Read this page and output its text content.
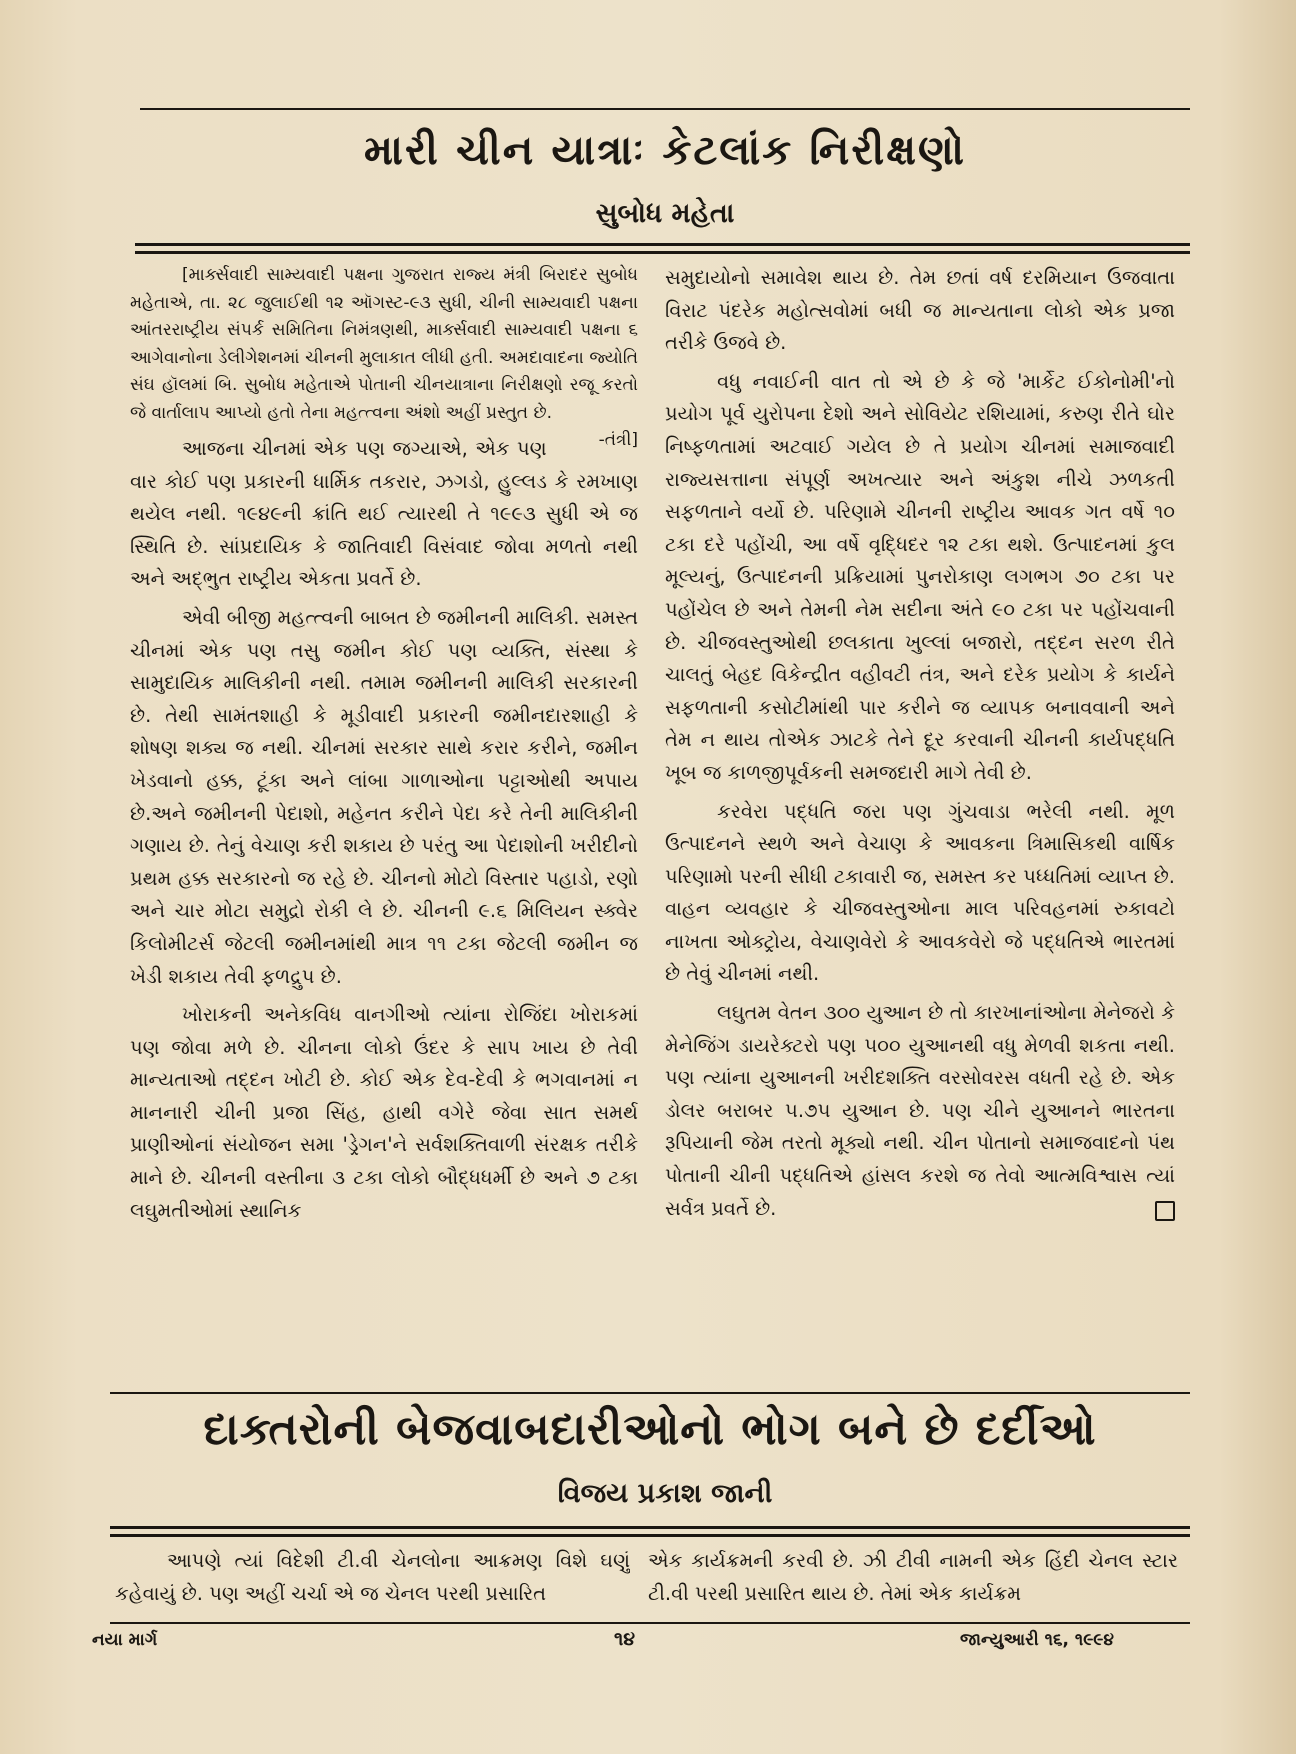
મારી ચીન યાત્રાઃ કેટલાંક નિરીક્ષણો
સુબોધ મહેતા

[માર્ક્સવાદી સામ્યવાદી પક્ષના ગુજરાત રાજ્ય મંત્રી બિરાદર સુબોધ મહેતાએ, તા. ૨૮ જુલાઈથી ૧૨ ઑગસ્ટ-૯૩ સુધી, ચીની સામ્યવાદી પક્ષના આંતરરાષ્ટ્રીય સંપર્ક સમિતિના નિમંત્રણથી, માર્ક્સવાદી સામ્યવાદી પક્ષના ૬ આગેવાનોના ડેલીગેશનમાં ચીનની મુલાકાત લીધી હતી. અમદાવાદના જ્યોતિ સંઘ હૉલમાં બિ. સુબોધ મહેતાએ પોતાની ચીનયાત્રાના નિરીક્ષણો રજૂ કરતો જે વાર્તાલાપ આપ્યો હતો તેના મહત્ત્વના અંશો અહીં પ્રસ્તુત છે.
-તંત્રી]

આજના ચીનમાં એક પણ જગ્યાએ, એક પણ વાર કોઈ પણ પ્રકારની ધાર્મિક તકરાર, ઝગડો, હુલ્લડ કે રમખાણ થયેલ નથી. ૧૯૪૯ની ક્રાંતિ થઈ ત્યારથી તે ૧૯૯૩ સુધી એ જ સ્થિતિ છે. સાંપ્રદાયિક કે જાતિવાદી વિસંવાદ જોવા મળતો નથી અને અદ્ભુત રાષ્ટ્રીય એકતા પ્રવર્તે છે.

એવી બીજી મહત્ત્વની બાબત છે જમીનની માલિકી. સમસ્ત ચીનમાં એક પણ તસુ જમીન કોઈ પણ વ્યક્તિ, સંસ્થા કે સામુદાયિક માલિકીની નથી. તમામ જમીનની માલિકી સરકારની છે. તેથી સામંતશાહી કે મૂડીવાદી પ્રકારની જમીનદારશાહી કે શોષણ શક્ય જ નથી. ચીનમાં સરકાર સાથે કરાર કરીને, જમીન ખેડવાનો હક્ક, ટૂંકા અને લાંબા ગાળાઓના પટ્ટાઓથી અપાય છે.અને જમીનની પેદાશો, મહેનત કરીને પેદા કરે તેની માલિકીની ગણાય છે. તેનું વેચાણ કરી શકાય છે પરંતુ આ પેદાશોની ખરીદીનો પ્રથમ હક્ક સરકારનો જ રહે છે. ચીનનો મોટો વિસ્તાર પહાડો, રણો અને ચાર મોટા સમુદ્રો રોકી લે છે. ચીનની ૯.૬ મિલિયન સ્ક્વેર કિલોમીટર્સ જેટલી જમીનમાંથી માત્ર ૧૧ ટકા જેટલી જમીન જ ખેડી શકાય તેવી ફળદ્રુપ છે.

ખોરાકની અનેકવિધ વાનગીઓ ત્યાંના રોજિંદા ખોરાકમાં પણ જોવા મળે છે. ચીનના લોકો ઉંદર કે સાપ ખાય છે તેવી માન્યતાઓ તદ્દન ખોટી છે. કોઈ એક દેવ-દેવી કે ભગવાનમાં ન માનનારી ચીની પ્રજા સિંહ, હાથી વગેરે જેવા સાત સમર્થ પ્રાણીઓનાં સંયોજન સમા 'ડ્રેગન'ને સર્વશક્તિવાળી સંરક્ષક તરીકે માને છે. ચીનની વસ્તીના ૩ ટકા લોકો બૌદ્ધધર્મી છે અને ૭ ટકા લઘુમતીઓમાં સ્થાનિક

સમુદાયોનો સમાવેશ થાય છે. તેમ છતાં વર્ષ દરમિયાન ઉજવાતા વિરાટ પંદરેક મહોત્સવોમાં બધી જ માન્યતાના લોકો એક પ્રજા તરીકે ઉજવે છે.

વધુ નવાઈની વાત તો એ છે કે જે 'માર્કેટ ઈકોનોમી'નો પ્રયોગ પૂર્વ યુરોપના દેશો અને સોવિયેટ રશિયામાં, કરુણ રીતે ઘોર નિષ્ફળતામાં અટવાઈ ગયેલ છે તે પ્રયોગ ચીનમાં સમાજવાદી રાજ્યસત્તાના સંપૂર્ણ અખત્યાર અને અંકુશ નીચે ઝળકતી સફળતાને વર્યો છે. પરિણામે ચીનની રાષ્ટ્રીય આવક ગત વર્ષે ૧૦ ટકા દરે પહોંચી, આ વર્ષે વૃદ્ધિદર ૧૨ ટકા થશે. ઉત્પાદનમાં કુલ મૂલ્યનું, ઉત્પાદનની પ્રક્રિયામાં પુનરોકાણ લગભગ ૭૦ ટકા પર પહોંચેલ છે અને તેમની નેમ સદીના અંતે ૯૦ ટકા પર પહોંચવાની છે. ચીજવસ્તુઓથી છલકાતા ખુલ્લાં બજારો, તદ્દન સરળ રીતે ચાલતું બેહદ વિકેન્દ્રીત વહીવટી તંત્ર, અને દરેક પ્રયોગ કે કાર્યને સફળતાની કસોટીમાંથી પાર કરીને જ વ્યાપક બનાવવાની અને તેમ ન થાય તોએક ઝાટકે તેને દૂર કરવાની ચીનની કાર્યપદ્ધતિ ખૂબ જ કાળજીપૂર્વકની સમજદારી માગે તેવી છે.

કરવેરા પદ્ધતિ જરા પણ ગુંચવાડા ભરેલી નથી. મૂળ ઉત્પાદનને સ્થળે અને વેચાણ કે આવકના ત્રિમાસિકથી વાર્ષિક પરિણામો પરની સીધી ટકાવારી જ, સમસ્ત કર પધ્ધતિમાં વ્યાપ્ત છે. વાહન વ્યવહાર કે ચીજવસ્તુઓના માલ પરિવહનમાં રુકાવટો નાખતા ઓક્ટ્રોય, વેચાણવેરો કે આવકવેરો જે પદ્ધતિએ ભારતમાં છે તેવું ચીનમાં નથી.

લઘુતમ વેતન ૩૦૦ યુઆન છે તો કારખાનાંઓના મેનેજરો કે મેનેજિંગ ડાયરેક્ટરો પણ ૫૦૦ યુઆનથી વધુ મેળવી શકતા નથી. પણ ત્યાંના યુઆનની ખરીદશક્તિ વરસોવરસ વધતી રહે છે. એક ડોલર બરાબર ૫.૭૫ યુઆન છે. પણ ચીને યુઆનને ભારતના રૂપિયાની જેમ તરતો મૂક્યો નથી. ચીન પોતાનો સમાજવાદનો પંથ પોતાની ચીની પદ્ધતિએ હાંસલ કરશે જ તેવો આત્મવિશ્વાસ ત્યાં સર્વત્ર પ્રવર્તે છે.

દાક્તરોની બેજવાબદારીઓનો ભોગ બને છે દર્દીઓ
વિજય પ્રકાશ જાની

આપણે ત્યાં વિદેશી ટી.વી ચેનલોના આક્રમણ વિશે ઘણું કહેવાયું છે. પણ અહીં ચર્ચા એ જ ચેનલ પરથી પ્રસારિત

એક કાર્યક્રમની કરવી છે. ઝી ટીવી નામની એક હિંદી ચેનલ સ્ટાર ટી.વી પરથી પ્રસારિત થાય છે. તેમાં એક કાર્યક્રમ

નયા માર્ગ	૧૪	જાન્યુઆરી ૧૬, ૧૯૯૪
